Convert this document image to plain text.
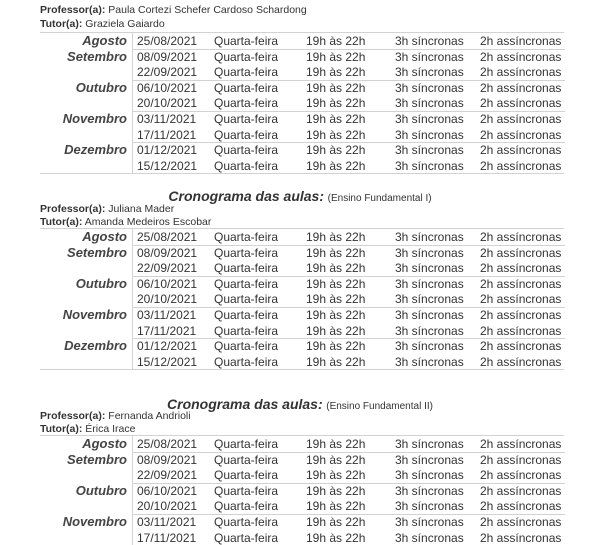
Professor(a): Paula Cortezi Schefer Cardoso Schardong
Tutor(a): Graziela Gaiardo
Agosto 25/08/2021 Quarta-feira 19h às 22h 3h síncronas 2h assíncronas
Setembro 08/09/2021 Quarta-feira 19h às 22h 3h síncronas 2h assíncronas
22/09/2021 Quarta-feira 19h às 22h 3h síncronas 2h assíncronas
Outubro 06/10/2021 Quarta-feira 19h às 22h 3h síncronas 2h assíncronas
20/10/2021 Quarta-feira 19h às 22h 3h síncronas 2h assíncronas
Novembro 03/11/2021 Quarta-feira 19h às 22h 3h síncronas 2h assíncronas
17/11/2021 Quarta-feira 19h às 22h 3h síncronas 2h assíncronas
Dezembro 01/12/2021 Quarta-feira 19h às 22h 3h síncronas 2h assíncronas
15/12/2021 Quarta-feira 19h às 22h 3h síncronas 2h assíncronas
Cronograma das aulas: (Ensino Fundamental I)
Professor(a): Juliana Mader
Tutor(a): Amanda Medeiros Escobar
Agosto 25/08/2021 Quarta-feira 19h às 22h 3h síncronas 2h assíncronas
Setembro 08/09/2021 Quarta-feira 19h às 22h 3h síncronas 2h assíncronas
22/09/2021 Quarta-feira 19h às 22h 3h síncronas 2h assíncronas
Outubro 06/10/2021 Quarta-feira 19h às 22h 3h síncronas 2h assíncronas
20/10/2021 Quarta-feira 19h às 22h 3h síncronas 2h assíncronas
Novembro 03/11/2021 Quarta-feira 19h às 22h 3h síncronas 2h assíncronas
17/11/2021 Quarta-feira 19h às 22h 3h síncronas 2h assíncronas
Dezembro 01/12/2021 Quarta-feira 19h às 22h 3h síncronas 2h assíncronas
15/12/2021 Quarta-feira 19h às 22h 3h síncronas 2h assíncronas
Cronograma das aulas: (Ensino Fundamental II)
Professor(a): Fernanda Andrioli
Tutor(a): Érica Irace
Agosto 25/08/2021 Quarta-feira 19h às 22h 3h síncronas 2h assíncronas
Setembro 08/09/2021 Quarta-feira 19h às 22h 3h síncronas 2h assíncronas
22/09/2021 Quarta-feira 19h às 22h 3h síncronas 2h assíncronas
Outubro 06/10/2021 Quarta-feira 19h às 22h 3h síncronas 2h assíncronas
20/10/2021 Quarta-feira 19h às 22h 3h síncronas 2h assíncronas
Novembro 03/11/2021 Quarta-feira 19h às 22h 3h síncronas 2h assíncronas
17/11/2021 Quarta-feira 19h às 22h 3h síncronas 2h assíncronas
